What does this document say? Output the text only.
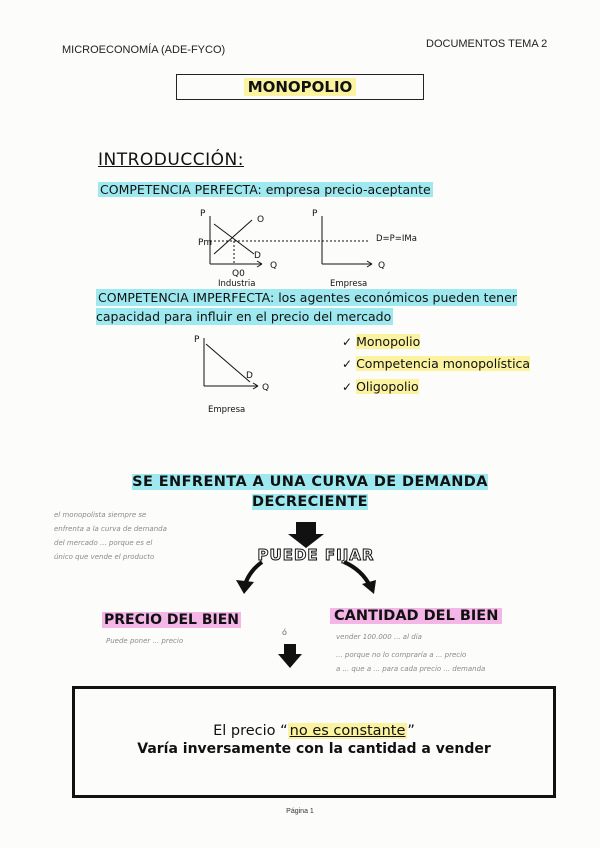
MICROECONOMÍA (ADE-FYCO)	DOCUMENTOS TEMA 2
MONOPOLIO
INTRODUCCIÓN:
COMPETENCIA PERFECTA: empresa precio-aceptante
P
Pm
O
D
Q
Q0
Industria
P
Q
Empresa
D=P=IMa
COMPETENCIA IMPERFECTA: los agentes económicos pueden tener capacidad para influir en el precio del mercado
P
D
Q
Empresa
✓ Monopolio
✓ Competencia monopolística
✓ Oligopolio
SE ENFRENTA A UNA CURVA DE DEMANDA
DECRECIENTE
el monopolista siempre se
enfrenta a la curva de demanda
del mercado ... porque es el
único que vende el producto	PUEDE FIJAR
PRECIO DEL BIEN	CANTIDAD DEL BIEN
Puede poner ... precio
ó	vender 100.000 ... al día
... porque no lo compraría a ... precio
a ... que a ... para cada precio ... demanda
El precio “ no es constante ”
Varía inversamente con la cantidad a vender
Página 1
